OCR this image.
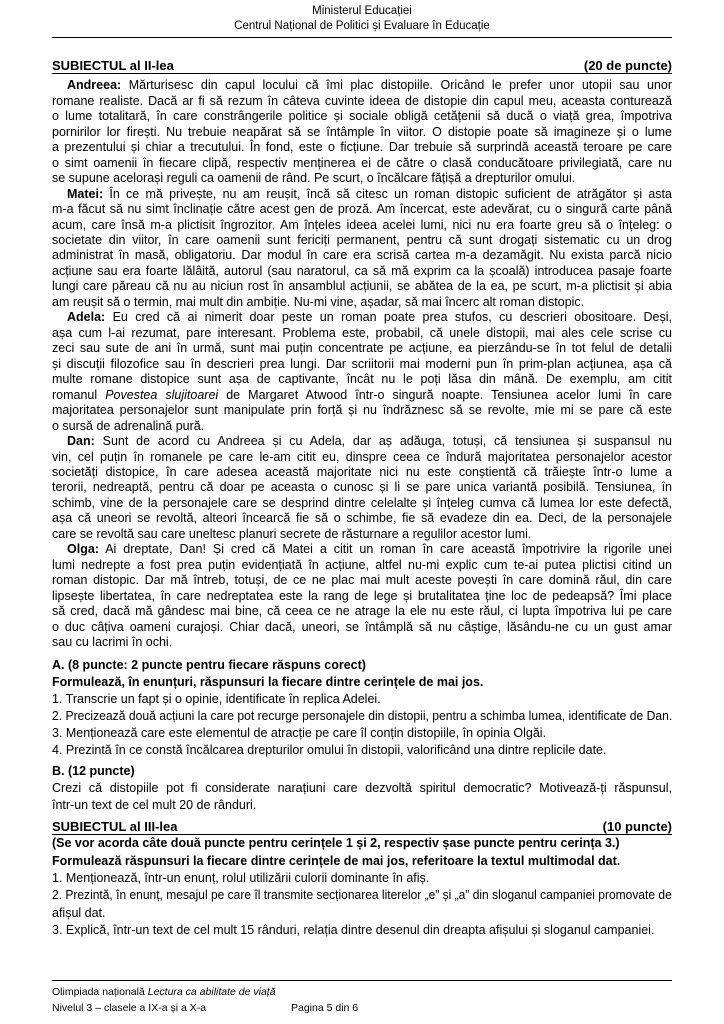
Ministerul Educației
Centrul Național de Politici și Evaluare în Educație
SUBIECTUL al II-lea	(20 de puncte)
Andreea: Mărturisesc din capul locului că îmi plac distopiile. Oricând le prefer unor utopii sau unor
romane realiste. Dacă ar fi să rezum în câteva cuvinte ideea de distopie din capul meu, aceasta conturează
o lume totalitară, în care constrângerile politice și sociale obligă cetățenii să ducă o viață grea, împotriva
pornirilor lor firești. Nu trebuie neapărat să se întâmple în viitor. O distopie poate să imagineze și o lume
a prezentului și chiar a trecutului. În fond, este o ficțiune. Dar trebuie să surprindă această teroare pe care
o simt oamenii în fiecare clipă, respectiv menținerea ei de către o clasă conducătoare privilegiată, care nu
se supune acelorași reguli ca oamenii de rând. Pe scurt, o încălcare fățișă a drepturilor omului.
Matei: În ce mă privește, nu am reușit, încă să citesc un roman distopic suficient de atrăgător și asta
m-a făcut să nu simt înclinație către acest gen de proză. Am încercat, este adevărat, cu o singură carte până
acum, care însă m-a plictisit îngrozitor. Am înțeles ideea acelei lumi, nici nu era foarte greu să o înțeleg: o
societate din viitor, în care oamenii sunt fericiți permanent, pentru că sunt drogați sistematic cu un drog
administrat în masă, obligatoriu. Dar modul în care era scrisă cartea m-a dezamăgit. Nu exista parcă nicio
acțiune sau era foarte lălâită, autorul (sau naratorul, ca să mă exprim ca la școală) introducea pasaje foarte
lungi care păreau că nu au niciun rost în ansamblul acțiunii, se abătea de la ea, pe scurt, m-a plictisit și abia
am reușit să o termin, mai mult din ambiție. Nu-mi vine, așadar, să mai încerc alt roman distopic.
Adela: Eu cred că ai nimerit doar peste un roman poate prea stufos, cu descrieri obositoare. Deși,
așa cum l-ai rezumat, pare interesant. Problema este, probabil, că unele distopii, mai ales cele scrise cu
zeci sau sute de ani în urmă, sunt mai puțin concentrate pe acțiune, ea pierzându-se în tot felul de detalii
și discuții filozofice sau în descrieri prea lungi. Dar scriitorii mai moderni pun în prim-plan acțiunea, așa că
multe romane distopice sunt așa de captivante, încât nu le poți lăsa din mână. De exemplu, am citit
romanul Povestea slujitoarei de Margaret Atwood într-o singură noapte. Tensiunea acelor lumi în care
majoritatea personajelor sunt manipulate prin forță și nu îndrăznesc să se revolte, mie mi se pare că este
o sursă de adrenalină pură.
Dan: Sunt de acord cu Andreea și cu Adela, dar aș adăuga, totuși, că tensiunea și suspansul nu
vin, cel puțin în romanele pe care le-am citit eu, dinspre ceea ce îndură majoritatea personajelor acestor
societăți distopice, în care adesea această majoritate nici nu este conștientă că trăiește într-o lume a
terorii, nedreaptă, pentru că doar pe aceasta o cunosc și li se pare unica variantă posibilă. Tensiunea, în
schimb, vine de la personajele care se desprind dintre celelalte și înțeleg cumva că lumea lor este defectă,
așa că uneori se revoltă, alteori încearcă fie să o schimbe, fie să evadeze din ea. Deci, de la personajele
care se revoltă sau care uneltesc planuri secrete de răsturnare a regulilor acestor lumi.
Olga: Ai dreptate, Dan! Și cred că Matei a citit un roman în care această împotrivire la rigorile unei
lumi nedrepte a fost prea puțin evidențiată în acțiune, altfel nu-mi explic cum te-ai putea plictisi citind un
roman distopic. Dar mă întreb, totuși, de ce ne plac mai mult aceste povești în care domină răul, din care
lipsește libertatea, în care nedreptatea este la rang de lege și brutalitatea ține loc de pedeapsă? Îmi place
să cred, dacă mă gândesc mai bine, că ceea ce ne atrage la ele nu este răul, ci lupta împotriva lui pe care
o duc câțiva oameni curajoși. Chiar dacă, uneori, se întâmplă să nu câștige, lăsându-ne cu un gust amar
sau cu lacrimi în ochi.
A. (8 puncte: 2 puncte pentru fiecare răspuns corect)
Formulează, în enunțuri, răspunsuri la fiecare dintre cerințele de mai jos.
1. Transcrie un fapt și o opinie, identificate în replica Adelei.
2. Precizează două acțiuni la care pot recurge personajele din distopii, pentru a schimba lumea, identificate de Dan.
3. Menționează care este elementul de atracție pe care îl conțin distopiile, în opinia Olgăi.
4. Prezintă în ce constă încălcarea drepturilor omului în distopii, valorificând una dintre replicile date.
B. (12 puncte)
Crezi că distopiile pot fi considerate narațiuni care dezvoltă spiritul democratic? Motivează-ți răspunsul,
într-un text de cel mult 20 de rânduri.
SUBIECTUL al III-lea	(10 puncte)
(Se vor acorda câte două puncte pentru cerințele 1 și 2, respectiv șase puncte pentru cerința 3.)
Formulează răspunsuri la fiecare dintre cerințele de mai jos, referitoare la textul multimodal dat.
1. Menționează, într-un enunț, rolul utilizării culorii dominante în afiș.
2. Prezintă, în enunț, mesajul pe care îl transmite secționarea literelor „e” și „a” din sloganul campaniei promovate de
afișul dat.
3. Explică, într-un text de cel mult 15 rânduri, relația dintre desenul din dreapta afișului și sloganul campaniei.
Olimpiada națională Lectura ca abilitate de viață
Nivelul 3 – clasele a IX-a și a X-a	Pagina 5 din 6
